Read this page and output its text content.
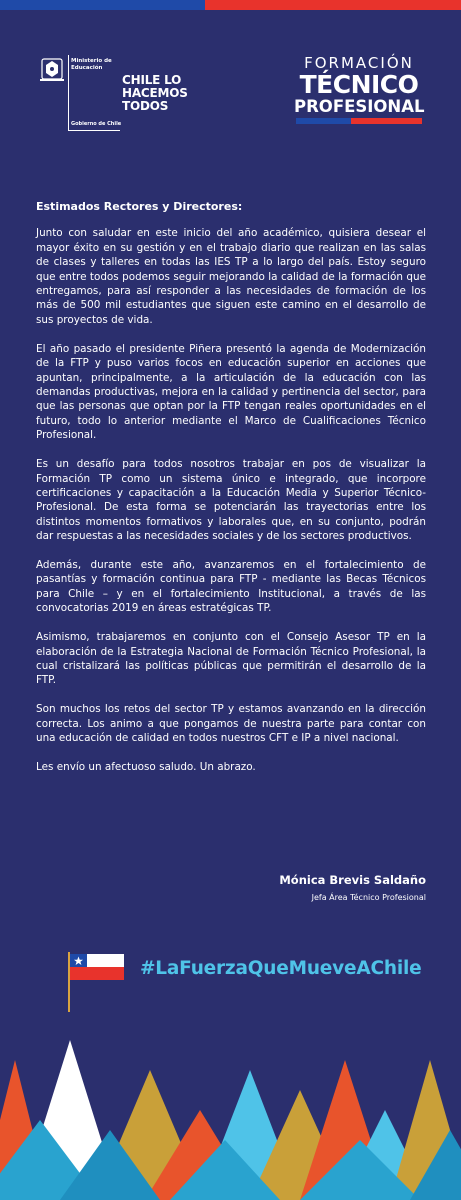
Ministerio de Educación
Gobierno de Chile
CHILE LO
HACEMOS
TODOS
FORMACIÓN
TÉCNICO
PROFESIONAL

Estimados Rectores y Directores:

Junto con saludar en este inicio del año académico, quisiera desear el mayor éxito en su gestión y en el trabajo diario que realizan en las salas de clases y talleres en todas las IES TP a lo largo del país. Estoy seguro que entre todos podemos seguir mejorando la calidad de la formación que entregamos, para así responder a las necesidades de formación de los más de 500 mil estudiantes que siguen este camino en el desarrollo de sus proyectos de vida.

El año pasado el presidente Piñera presentó la agenda de Modernización de la FTP y puso varios focos en educación superior en acciones que apuntan, principalmente, a la articulación de la educación con las demandas productivas, mejora en la calidad y pertinencia del sector, para que las personas que optan por la FTP tengan reales oportunidades en el futuro, todo lo anterior mediante el Marco de Cualificaciones Técnico Profesional.

Es un desafío para todos nosotros trabajar en pos de visualizar la Formación TP como un sistema único e integrado, que incorpore certificaciones y capacitación a la Educación Media y Superior Técnico-Profesional. De esta forma se potenciarán las trayectorias entre los distintos momentos formativos y laborales que, en su conjunto, podrán dar respuestas a las necesidades sociales y de los sectores productivos.

Además, durante este año, avanzaremos en el fortalecimiento de pasantías y formación continua para FTP - mediante las Becas Técnicos para Chile – y en el fortalecimiento Institucional, a través de las convocatorias 2019 en áreas estratégicas TP.

Asimismo, trabajaremos en conjunto con el Consejo Asesor TP en la elaboración de la Estrategia Nacional de Formación Técnico Profesional, la cual cristalizará las políticas públicas que permitirán el desarrollo de la FTP.

Son muchos los retos del sector TP y estamos avanzando en la dirección correcta. Los animo a que pongamos de nuestra parte para contar con una educación de calidad en todos nuestros CFT e IP a nivel nacional.

Les envío un afectuoso saludo. Un abrazo.

Mónica Brevis Saldaño
Jefa Área Técnico Profesional
#LaFuerzaQueMueveAChile
